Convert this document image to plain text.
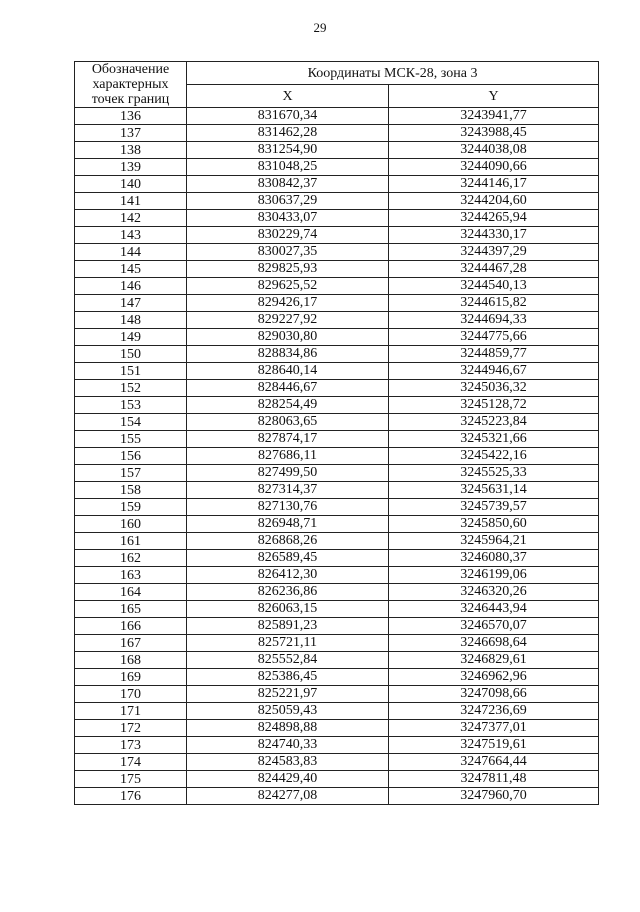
29
Обозначение характерных точек границ	Координаты МСК-28, зона 3	
	X	Y
136	831670,34	3243941,77
137	831462,28	3243988,45
138	831254,90	3244038,08
139	831048,25	3244090,66
140	830842,37	3244146,17
141	830637,29	3244204,60
142	830433,07	3244265,94
143	830229,74	3244330,17
144	830027,35	3244397,29
145	829825,93	3244467,28
146	829625,52	3244540,13
147	829426,17	3244615,82
148	829227,92	3244694,33
149	829030,80	3244775,66
150	828834,86	3244859,77
151	828640,14	3244946,67
152	828446,67	3245036,32
153	828254,49	3245128,72
154	828063,65	3245223,84
155	827874,17	3245321,66
156	827686,11	3245422,16
157	827499,50	3245525,33
158	827314,37	3245631,14
159	827130,76	3245739,57
160	826948,71	3245850,60
161	826868,26	3245964,21
162	826589,45	3246080,37
163	826412,30	3246199,06
164	826236,86	3246320,26
165	826063,15	3246443,94
166	825891,23	3246570,07
167	825721,11	3246698,64
168	825552,84	3246829,61
169	825386,45	3246962,96
170	825221,97	3247098,66
171	825059,43	3247236,69
172	824898,88	3247377,01
173	824740,33	3247519,61
174	824583,83	3247664,44
175	824429,40	3247811,48
176	824277,08	3247960,70
